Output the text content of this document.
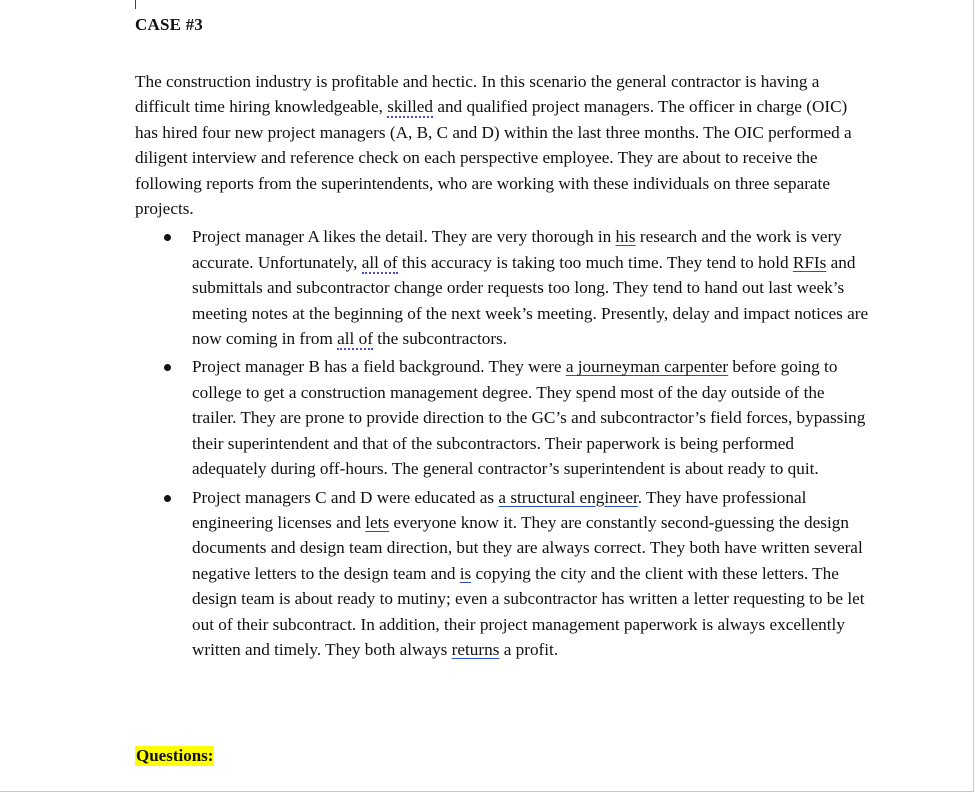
CASE #3

The construction industry is profitable and hectic. In this scenario the general contractor is having a difficult time hiring knowledgeable, skilled and qualified project managers. The officer in charge (OIC) has hired four new project managers (A, B, C and D) within the last three months. The OIC performed a diligent interview and reference check on each perspective employee. They are about to receive the following reports from the superintendents, who are working with these individuals on three separate projects.

Project manager A likes the detail. They are very thorough in his research and the work is very accurate. Unfortunately, all of this accuracy is taking too much time. They tend to hold RFIs and submittals and subcontractor change order requests too long. They tend to hand out last week’s meeting notes at the beginning of the next week’s meeting. Presently, delay and impact notices are now coming in from all of the subcontractors.
Project manager B has a field background. They were a journeyman carpenter before going to college to get a construction management degree. They spend most of the day outside of the trailer. They are prone to provide direction to the GC’s and subcontractor’s field forces, bypassing their superintendent and that of the subcontractors. Their paperwork is being performed adequately during off-hours. The general contractor’s superintendent is about ready to quit.
Project managers C and D were educated as a structural engineer. They have professional engineering licenses and lets everyone know it. They are constantly second-guessing the design documents and design team direction, but they are always correct. They both have written several negative letters to the design team and is copying the city and the client with these letters. The design team is about ready to mutiny; even a subcontractor has written a letter requesting to be let out of their subcontract. In addition, their project management paperwork is always excellently written and timely. They both always returns a profit.
Questions:
